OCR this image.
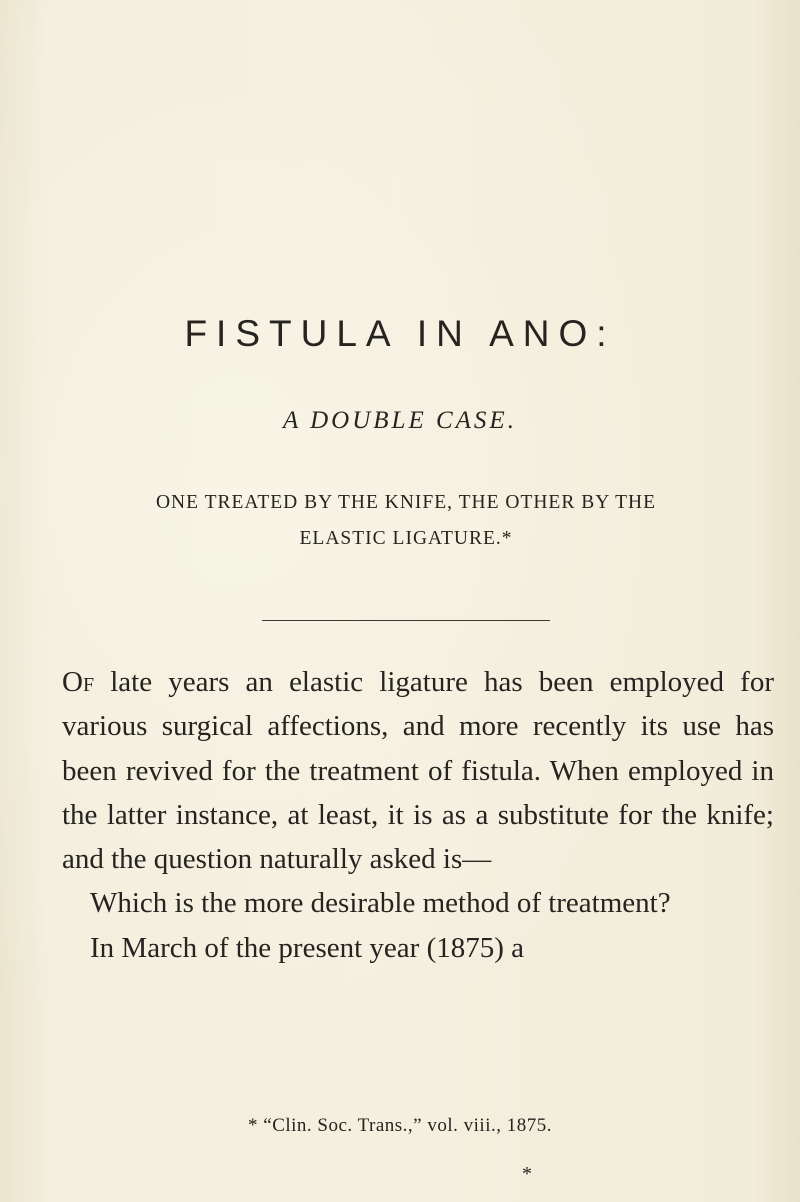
FISTULA IN ANO:
A DOUBLE CASE.
ONE TREATED BY THE KNIFE, THE OTHER BY THE
ELASTIC LIGATURE.*

Of late years an elastic ligature has been employed for various surgical affections, and more recently its use has been revived for the treatment of fistula. When employed in the latter instance, at least, it is as a substitute for the knife; and the question naturally asked is—

Which is the more desirable method of treatment?

In March of the present year (1875) a

* “Clin. Soc. Trans.,” vol. viii., 1875.
*
